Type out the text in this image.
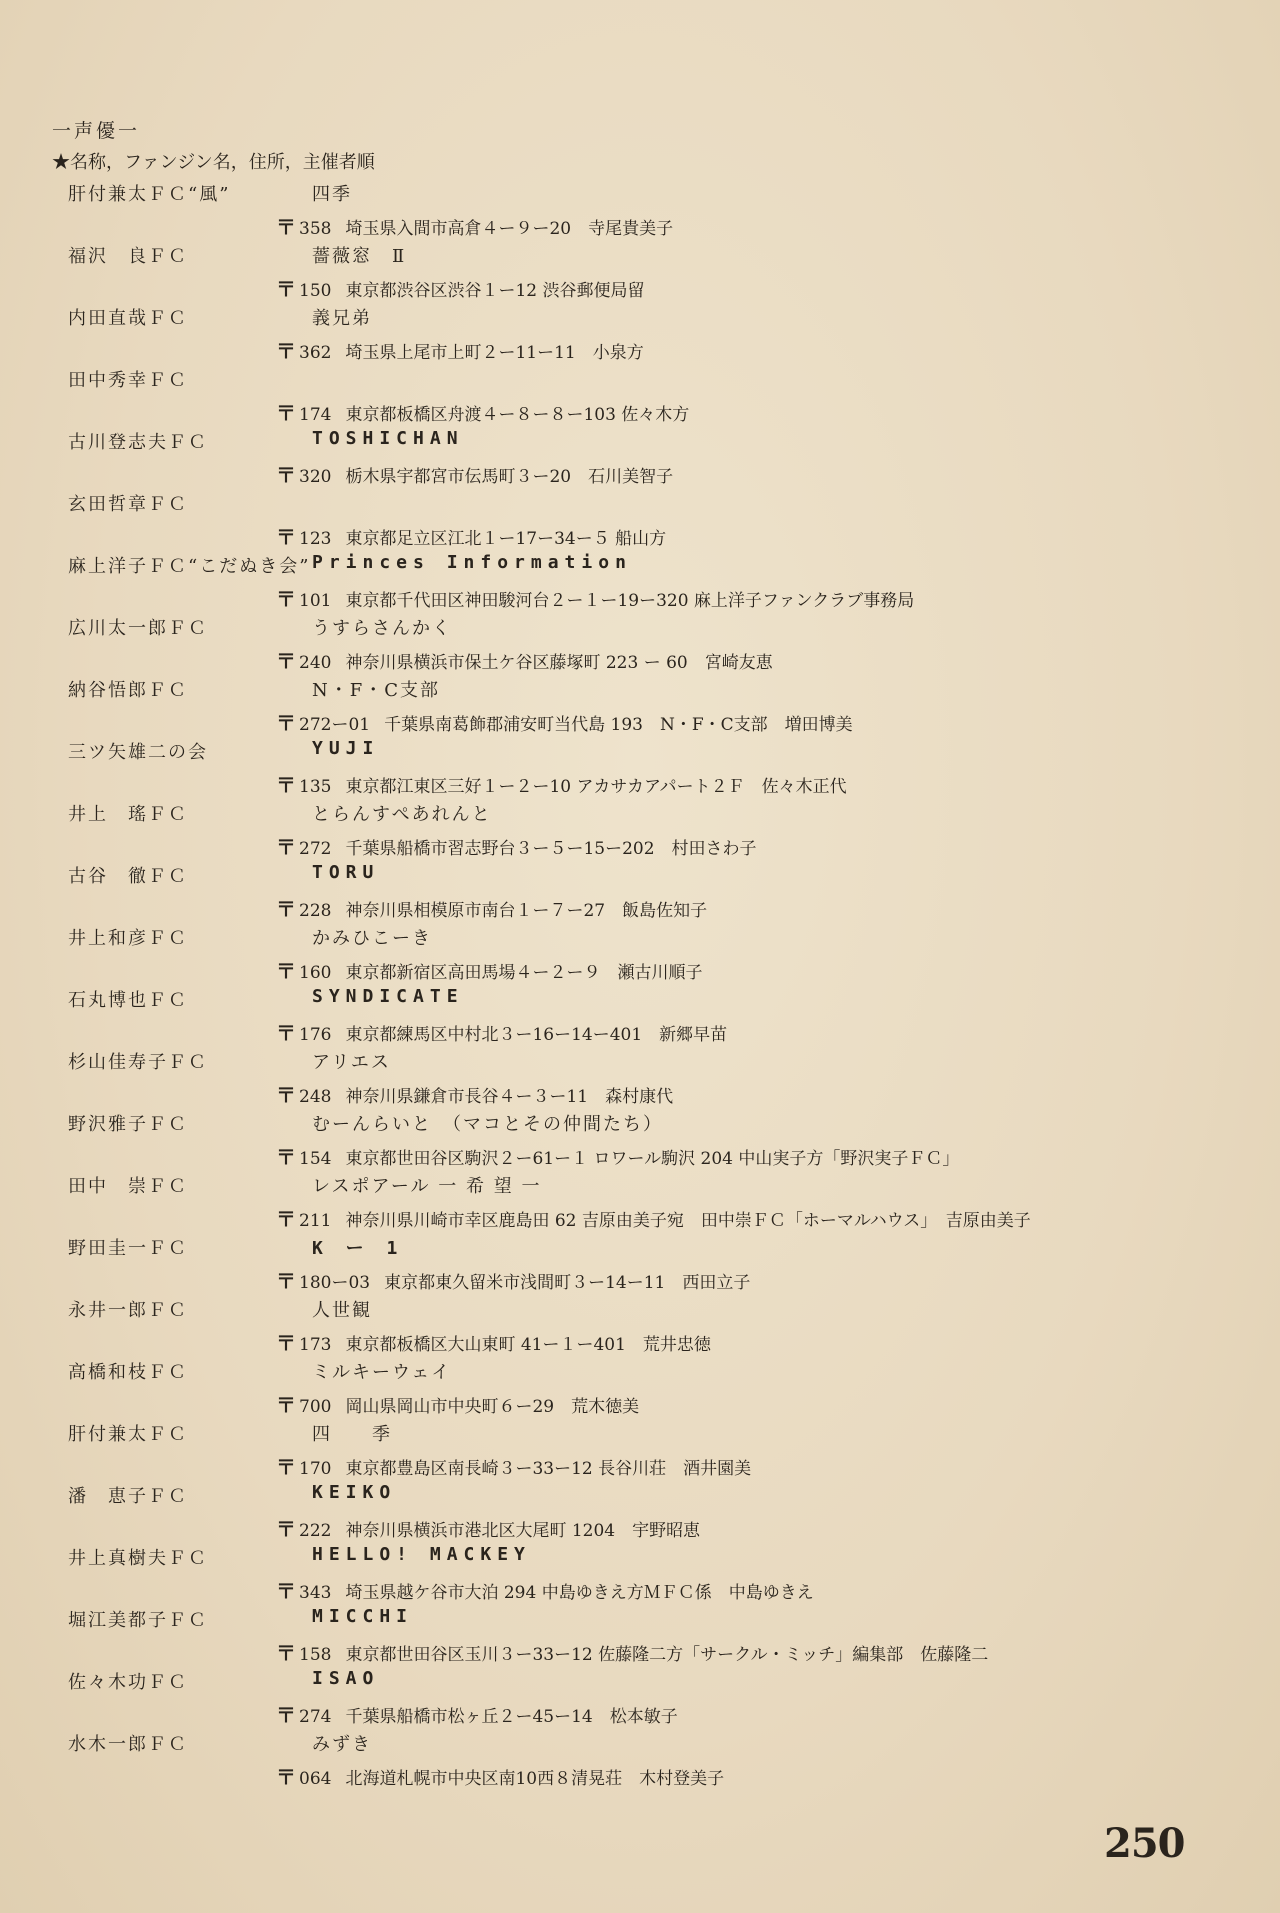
一声優一
★名称，ファンジン名，住所，主催者順
肝付兼太ＦＣ“風”	四季
〒 358 埼玉県入間市高倉４ー９ー20　寺尾貴美子
福沢　良ＦＣ	薔薇窓　Ⅱ
〒 150 東京都渋谷区渋谷１ー12 渋谷郵便局留
内田直哉ＦＣ	義兄弟
〒 362 埼玉県上尾市上町２ー11ー11　小泉方
田中秀幸ＦＣ
〒 174 東京都板橋区舟渡４ー８ー８ー103 佐々木方
古川登志夫ＦＣ	TOSHICHAN
〒 320 栃木県宇都宮市伝馬町３ー20　石川美智子
玄田哲章ＦＣ
〒 123 東京都足立区江北１ー17ー34ー５ 船山方
麻上洋子ＦＣ“こだぬき会” Princes Information
〒 101 東京都千代田区神田駿河台２ー１ー19ー320 麻上洋子ファンクラブ事務局
広川太一郎ＦＣ	うすらさんかく
〒 240 神奈川県横浜市保土ケ谷区藤塚町 223 ー 60　宮崎友恵
納谷悟郎ＦＣ	N・F・C支部
〒 272ー01 千葉県南葛飾郡浦安町当代島 193　N・F・C支部　増田博美
三ツ矢雄二の会	YUJI
〒 135 東京都江東区三好１ー２ー10 アカサカアパート２Ｆ　佐々木正代
井上　瑤ＦＣ	とらんすぺあれんと
〒 272 千葉県船橋市習志野台３ー５ー15ー202　村田さわ子
古谷　徹ＦＣ	TORU
〒 228 神奈川県相模原市南台１ー７ー27　飯島佐知子
井上和彦ＦＣ	かみひこーき
〒 160 東京都新宿区高田馬場４ー２ー９　瀬古川順子
石丸博也ＦＣ	SYNDICATE
〒 176 東京都練馬区中村北３ー16ー14ー401　新郷早苗
杉山佳寿子ＦＣ	アリエス
〒 248 神奈川県鎌倉市長谷４ー３ー11　森村康代
野沢雅子ＦＣ	むーんらいと　（マコとその仲間たち）
〒 154 東京都世田谷区駒沢２ー61ー１ ロワール駒沢 204 中山実子方「野沢実子ＦＣ」
田中　崇ＦＣ	レスポアール 一 希 望 一
〒 211 神奈川県川崎市幸区鹿島田 62 吉原由美子宛　田中崇ＦＣ「ホーマルハウス」　吉原由美子
野田圭一ＦＣ	K ー 1
〒 180ー03 東京都東久留米市浅間町３ー14ー11　西田立子
永井一郎ＦＣ	人世観
〒 173 東京都板橋区大山東町 41ー１ー401　荒井忠徳
高橋和枝ＦＣ	ミルキーウェイ
〒 700 岡山県岡山市中央町６ー29　荒木徳美
肝付兼太ＦＣ	四　　季
〒 170 東京都豊島区南長崎３ー33ー12 長谷川荘　酒井園美
潘　恵子ＦＣ	KEIKO
〒 222 神奈川県横浜市港北区大尾町 1204　宇野昭恵
井上真樹夫ＦＣ	HELLO! MACKEY
〒 343 埼玉県越ケ谷市大泊 294 中島ゆきえ方ＭＦＣ係　中島ゆきえ
堀江美都子ＦＣ	MICCHI
〒 158 東京都世田谷区玉川３ー33ー12 佐藤隆二方「サークル・ミッチ」編集部　佐藤隆二
佐々木功ＦＣ	ISAO
〒 274 千葉県船橋市松ヶ丘２ー45ー14　松本敏子
水木一郎ＦＣ	みずき
〒 064 北海道札幌市中央区南10西８清晃荘　木村登美子
250
